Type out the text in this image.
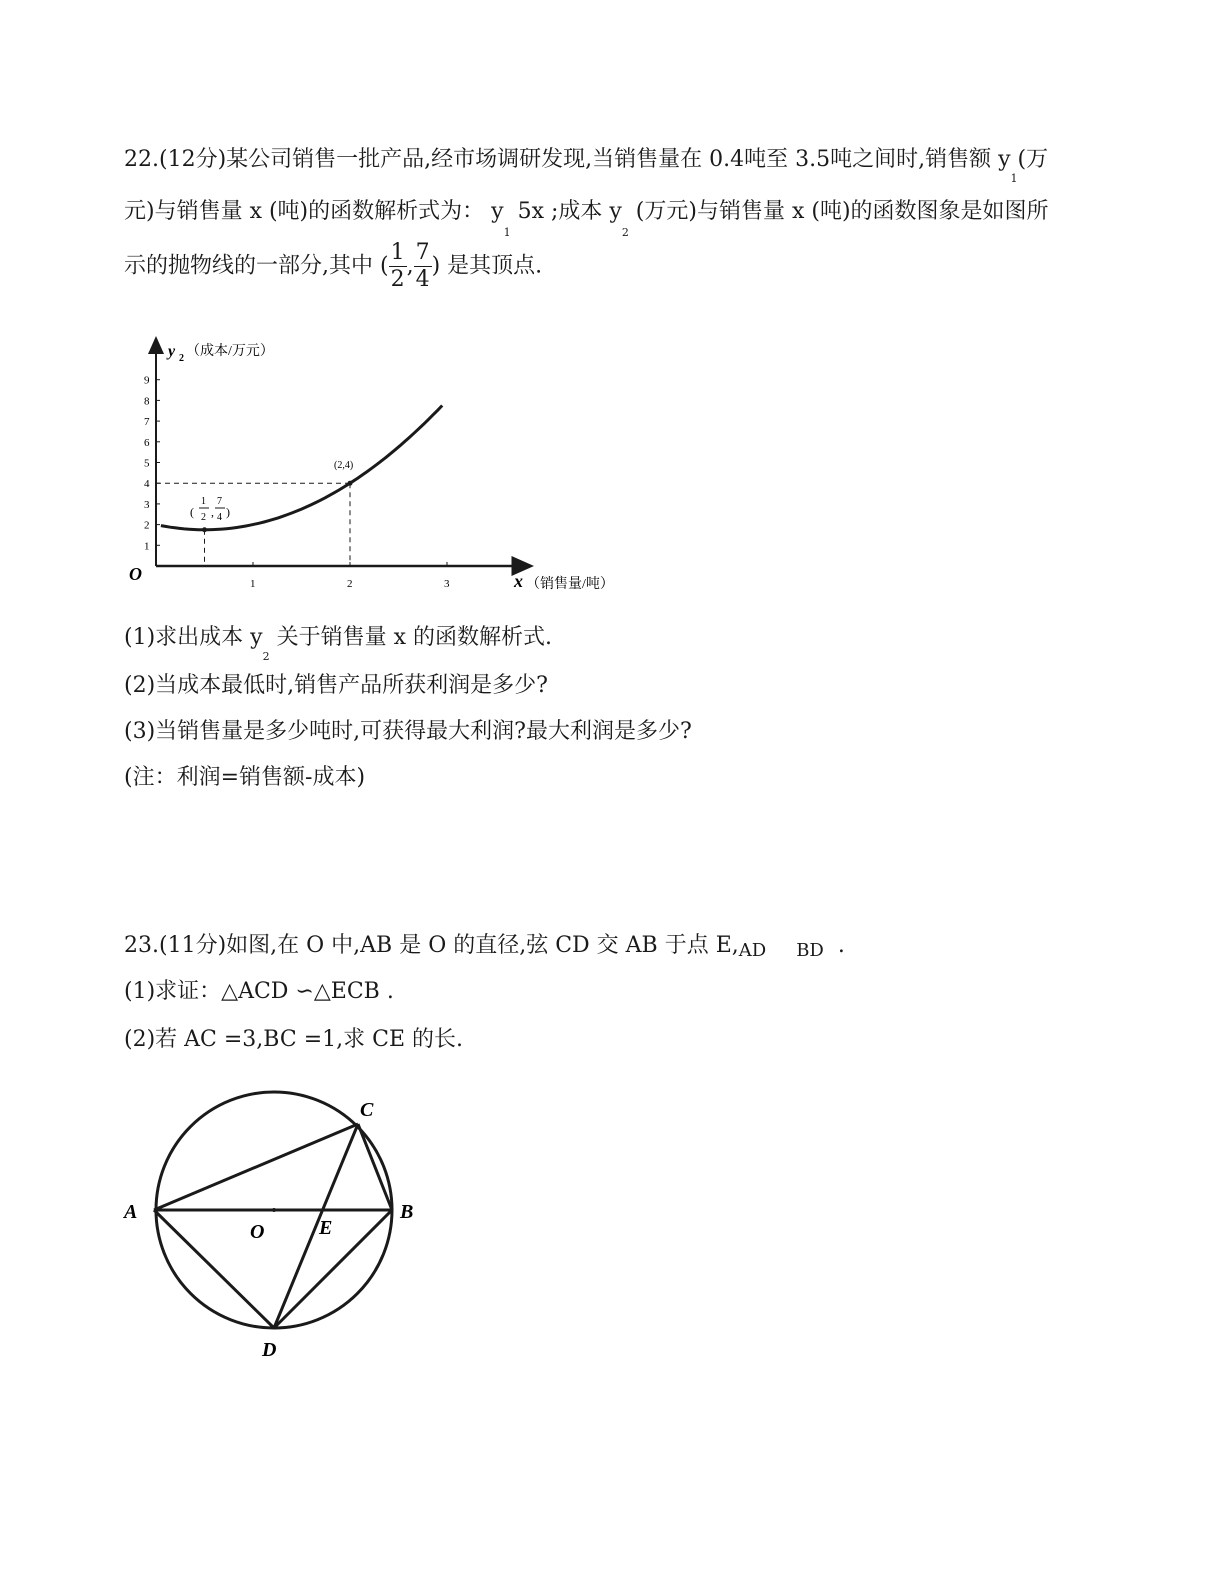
22.(12分)某公司销售一批产品,经市场调研发现,当销售量在 0.4吨至 3.5吨之间时,销售额 $y_1$(万
元)与销售量 x (吨)的函数解析式为： $y_1$ 5x ;成本 $y_2$ (万元)与销售量 x (吨)的函数图象是如图所
示的抛物线的一部分,其中 ( $\frac{1}{2}$ , $\frac{7}{4}$ ) 是其顶点.
1
2
3
4
5
6
7
8
9
1	2	3
y 2 （成本/万元）
x （销售量/吨）
O
(2,4)
(
1
2 ,
7
4 )
(1)求出成本 $y_2$ 关于销售量 x 的函数解析式.
(2)当成本最低时,销售产品所获利润是多少?
(3)当销售量是多少吨时,可获得最大利润?最大利润是多少?
(注：利润=销售额-成本)
23.(11分)如图,在 O 中,AB 是 O 的直径,弦 CD 交 AB 于点 E,AD BD .
(1)求证：△ACD ∽△ECB .
(2)若 AC =3,BC =1,求 CE 的长.
A	B
C
D
E
O
